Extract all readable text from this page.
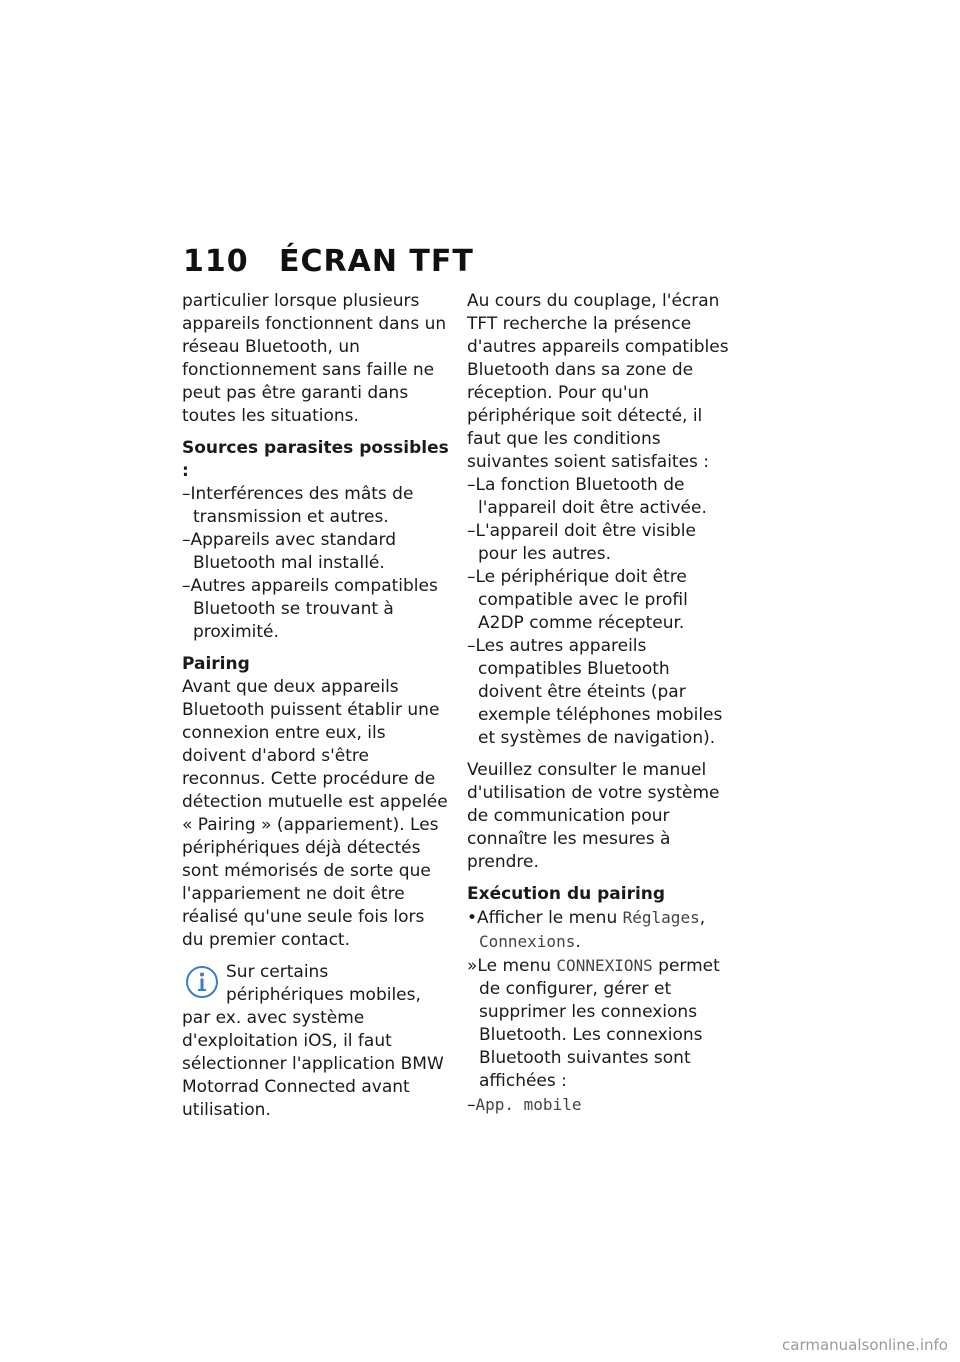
110 ÉCRAN TFT

particulier lorsque plusieurs appareils fonctionnent dans un réseau Bluetooth, un fonctionnement sans faille ne peut pas être garanti dans toutes les situations.

Sources parasites possibles :

–Interférences des mâts de transmission et autres.
–Appareils avec standard Bluetooth mal installé.
–Autres appareils compatibles Bluetooth se trouvant à proximité.

Pairing

Avant que deux appareils Bluetooth puissent établir une connexion entre eux, ils doivent d'abord s'être reconnus. Cette procédure de détection mutuelle est appelée « Pairing » (appariement). Les périphériques déjà détectés sont mémorisés de sorte que l'appariement ne doit être réalisé qu'une seule fois lors du premier contact.

Sur certains périphériques mobiles, par ex. avec système d'exploitation iOS, il faut sélectionner l'application BMW Motorrad Connected avant utilisation.

Au cours du couplage, l'écran TFT recherche la présence d'autres appareils compatibles Bluetooth dans sa zone de réception. Pour qu'un périphérique soit détecté, il faut que les conditions suivantes soient satisfaites :

–La fonction Bluetooth de l'appareil doit être activée.
–L'appareil doit être visible pour les autres.
–Le périphérique doit être compatible avec le profil A2DP comme récepteur.
–Les autres appareils compatibles Bluetooth doivent être éteints (par exemple téléphones mobiles et systèmes de navigation).

Veuillez consulter le manuel d'utilisation de votre système de communication pour connaître les mesures à prendre.

Exécution du pairing

•Afficher le menu Réglages, Connexions.

»Le menu CONNEXIONS permet de configurer, gérer et supprimer les connexions Bluetooth. Les connexions Bluetooth suivantes sont affichées :

–App. mobile
carmanualsonline.info
